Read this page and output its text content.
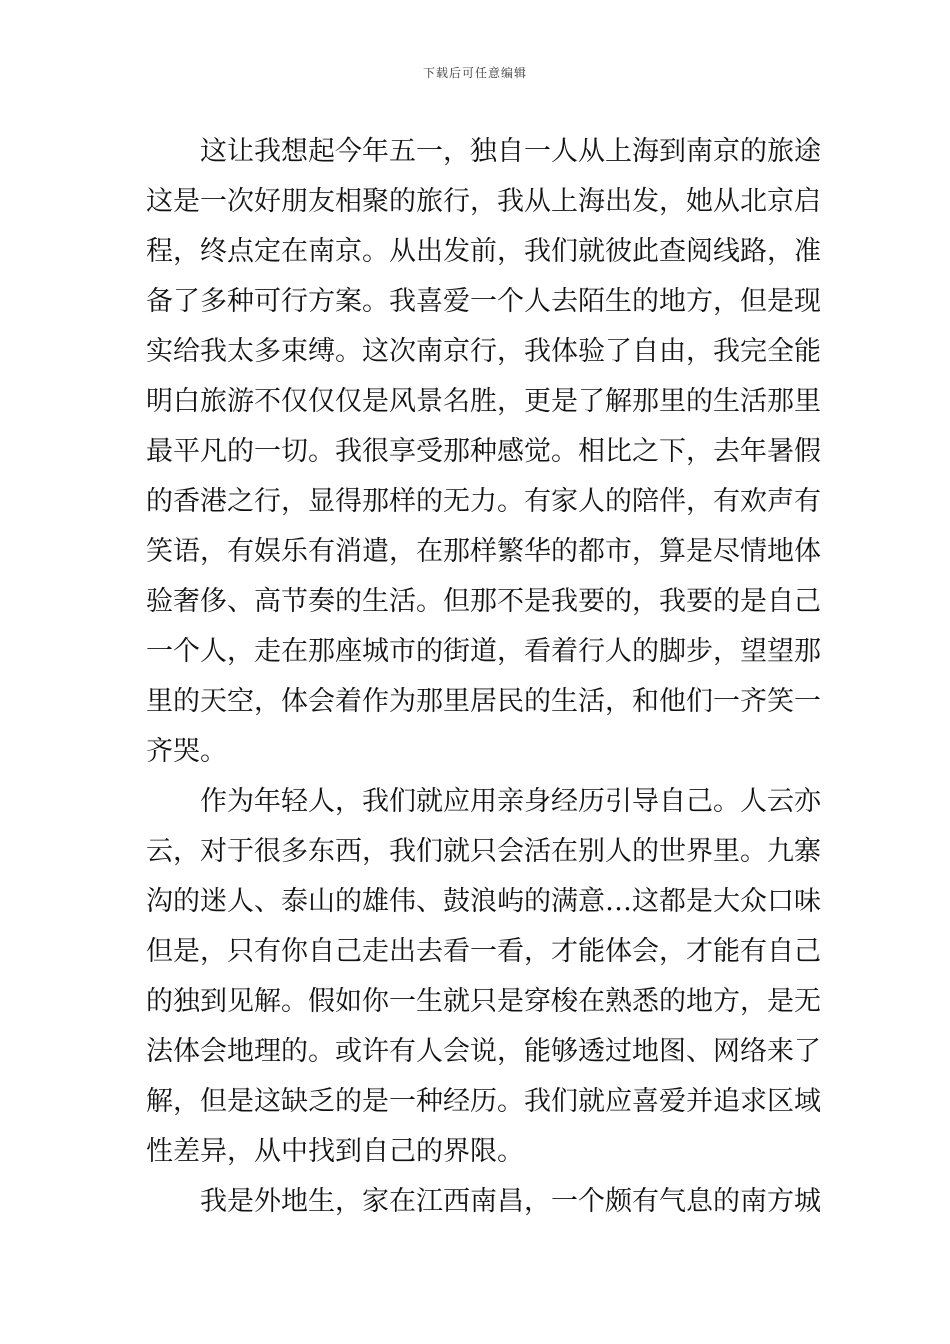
下载后可任意编辑
这让我想起今年五一，独自一人从上海到南京的旅途
这是一次好朋友相聚的旅行，我从上海出发，她从北京启
程，终点定在南京。从出发前，我们就彼此查阅线路，准
备了多种可行方案。我喜爱一个人去陌生的地方，但是现
实给我太多束缚。这次南京行，我体验了自由，我完全能
明白旅游不仅仅仅是风景名胜，更是了解那里的生活那里
最平凡的一切。我很享受那种感觉。相比之下，去年暑假
的香港之行，显得那样的无力。有家人的陪伴，有欢声有
笑语，有娱乐有消遣，在那样繁华的都市，算是尽情地体
验奢侈、高节奏的生活。但那不是我要的，我要的是自己
一个人，走在那座城市的街道，看着行人的脚步，望望那
里的天空，体会着作为那里居民的生活，和他们一齐笑一
齐哭。
作为年轻人，我们就应用亲身经历引导自己。人云亦
云，对于很多东西，我们就只会活在别人的世界里。九寨
沟的迷人、泰山的雄伟、鼓浪屿的满意…这都是大众口味
但是，只有你自己走出去看一看，才能体会，才能有自己
的独到见解。假如你一生就只是穿梭在熟悉的地方，是无
法体会地理的。或许有人会说，能够透过地图、网络来了
解，但是这缺乏的是一种经历。我们就应喜爱并追求区域
性差异，从中找到自己的界限。
我是外地生，家在江西南昌，一个颇有气息的南方城
